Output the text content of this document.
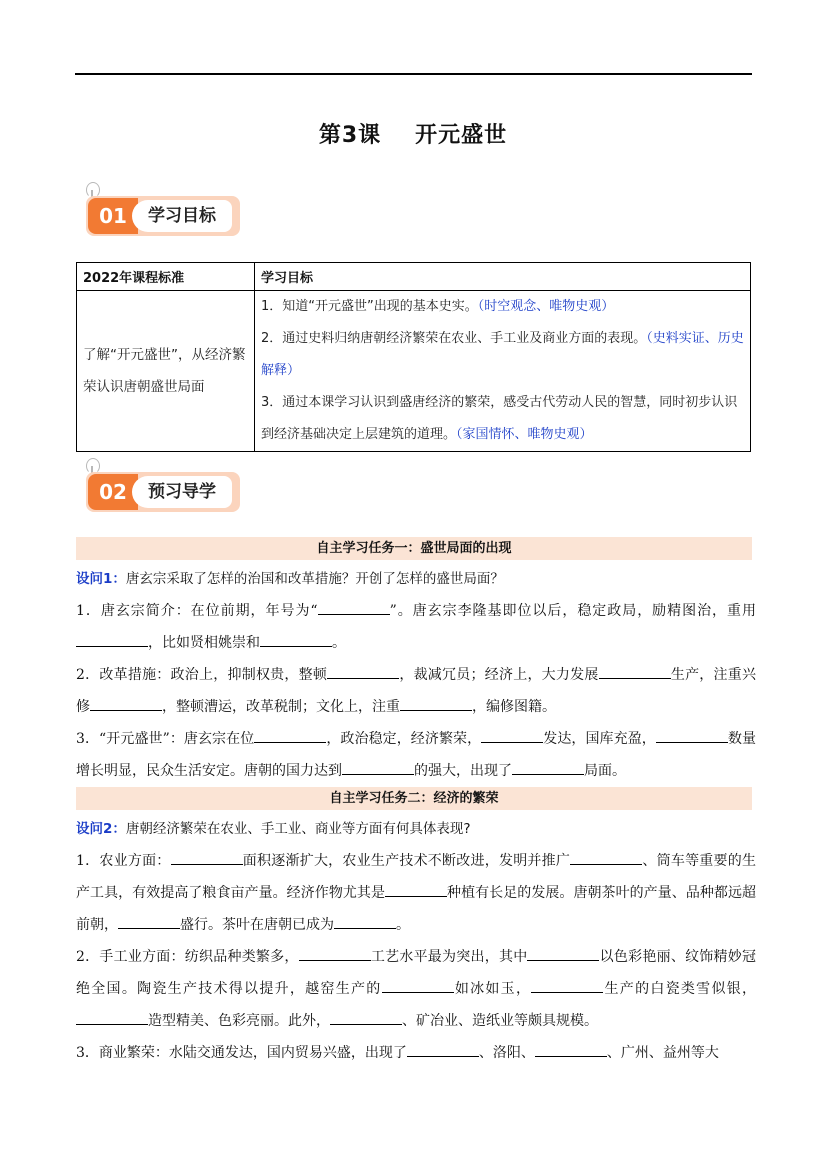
第3课 开元盛世
01	学习目标
2022年课程标准	学习目标
了解“开元盛世”，从经济繁荣认识唐朝盛世局面	1．知道“开元盛世”出现的基本史实。（时空观念、唯物史观）
2．通过史料归纳唐朝经济繁荣在农业、手工业及商业方面的表现。（史料实证、历史解释）
3．通过本课学习认识到盛唐经济的繁荣，感受古代劳动人民的智慧，同时初步认识到经济基础决定上层建筑的道理。（家国情怀、唯物史观）
02	预习导学
自主学习任务一：盛世局面的出现
设问1：唐玄宗采取了怎样的治国和改革措施？开创了怎样的盛世局面？
1．唐玄宗简介：在位前期，年号为“	”。唐玄宗李隆基即位以后，稳定政局，励精图治，重用，比如贤相姚崇和	。
2．改革措施：政治上，抑制权贵，整顿	，裁减冗员；经济上，大力发展	生产，注重兴修	，整顿漕运，改革税制；文化上，注重	，编修图籍。
3．“开元盛世”：唐玄宗在位	，政治稳定，经济繁荣，	发达，国库充盈，	数量增长明显，民众生活安定。唐朝的国力达到	的强大，出现了	局面。
自主学习任务二：经济的繁荣
设问2：唐朝经济繁荣在农业、手工业、商业等方面有何具体表现?
1．农业方面：	面积逐渐扩大，农业生产技术不断改进，发明并推广	、筒车等重要的生产工具，有效提高了粮食亩产量。经济作物尤其是	种植有长足的发展。唐朝茶叶的产量、品种都远超前朝，	盛行。茶叶在唐朝已成为	。
2．手工业方面：纺织品种类繁多，	工艺水平最为突出，其中	以色彩艳丽、纹饰精妙冠绝全国。陶瓷生产技术得以提升，越窑生产的	如冰如玉，	生产的白瓷类雪似银，造型精美、色彩亮丽。此外，	、矿冶业、造纸业等颇具规模。
3．商业繁荣：水陆交通发达，国内贸易兴盛，出现了	、洛阳、	、广州、益州等大
